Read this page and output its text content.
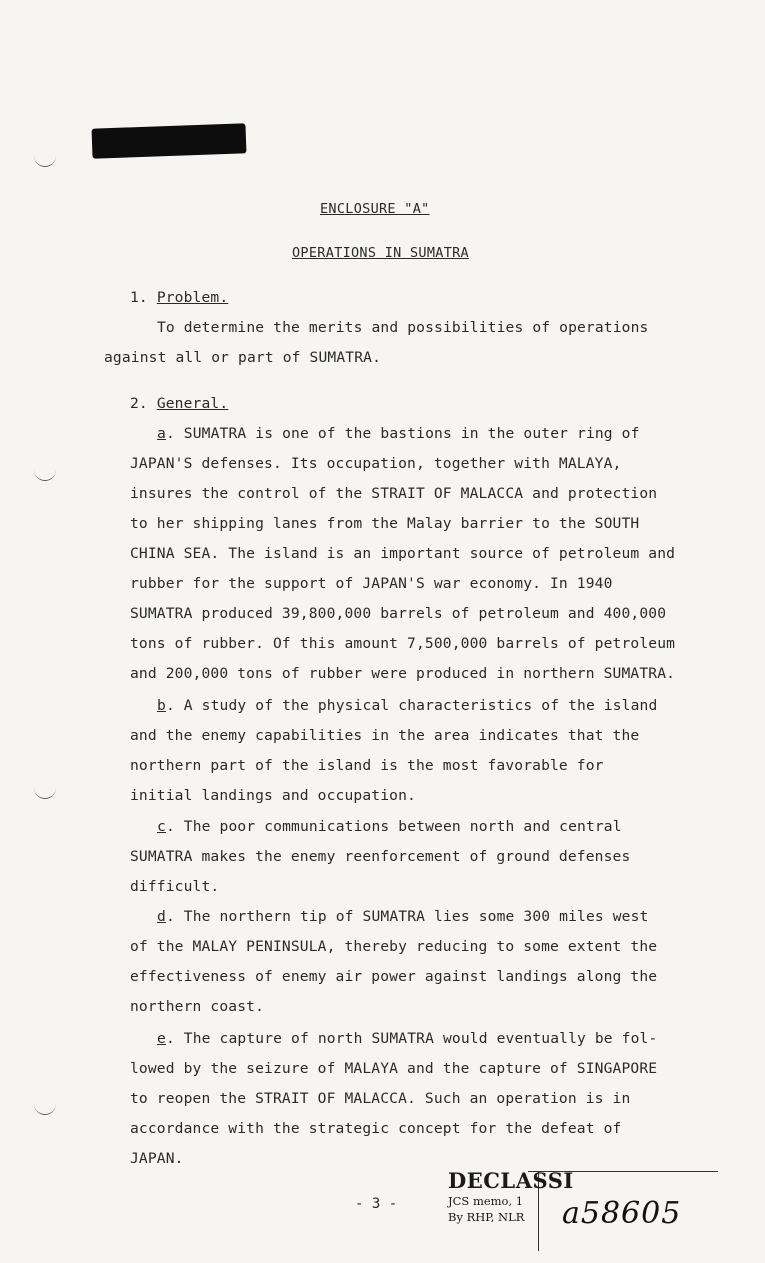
ENCLOSURE "A"
OPERATIONS IN SUMATRA
1. Problem.
To determine the merits and possibilities of operations
against all or part of SUMATRA.
2. General.
a. SUMATRA is one of the bastions in the outer ring of
JAPAN'S defenses. Its occupation, together with MALAYA,
insures the control of the STRAIT OF MALACCA and protection
to her shipping lanes from the Malay barrier to the SOUTH
CHINA SEA. The island is an important source of petroleum and
rubber for the support of JAPAN'S war economy. In 1940
SUMATRA produced 39,800,000 barrels of petroleum and 400,000
tons of rubber. Of this amount 7,500,000 barrels of petroleum
and 200,000 tons of rubber were produced in northern SUMATRA.
b. A study of the physical characteristics of the island
and the enemy capabilities in the area indicates that the
northern part of the island is the most favorable for
initial landings and occupation.
c. The poor communications between north and central
SUMATRA makes the enemy reenforcement of ground defenses
difficult.
d. The northern tip of SUMATRA lies some 300 miles west
of the MALAY PENINSULA, thereby reducing to some extent the
effectiveness of enemy air power against landings along the
northern coast.
e. The capture of north SUMATRA would eventually be fol-
lowed by the seizure of MALAYA and the capture of SINGAPORE
to reopen the STRAIT OF MALACCA. Such an operation is in
accordance with the strategic concept for the defeat of
JAPAN.
- 3 -
DECLASSI
JCS memo, 1
By RHP, NLR	a58605
